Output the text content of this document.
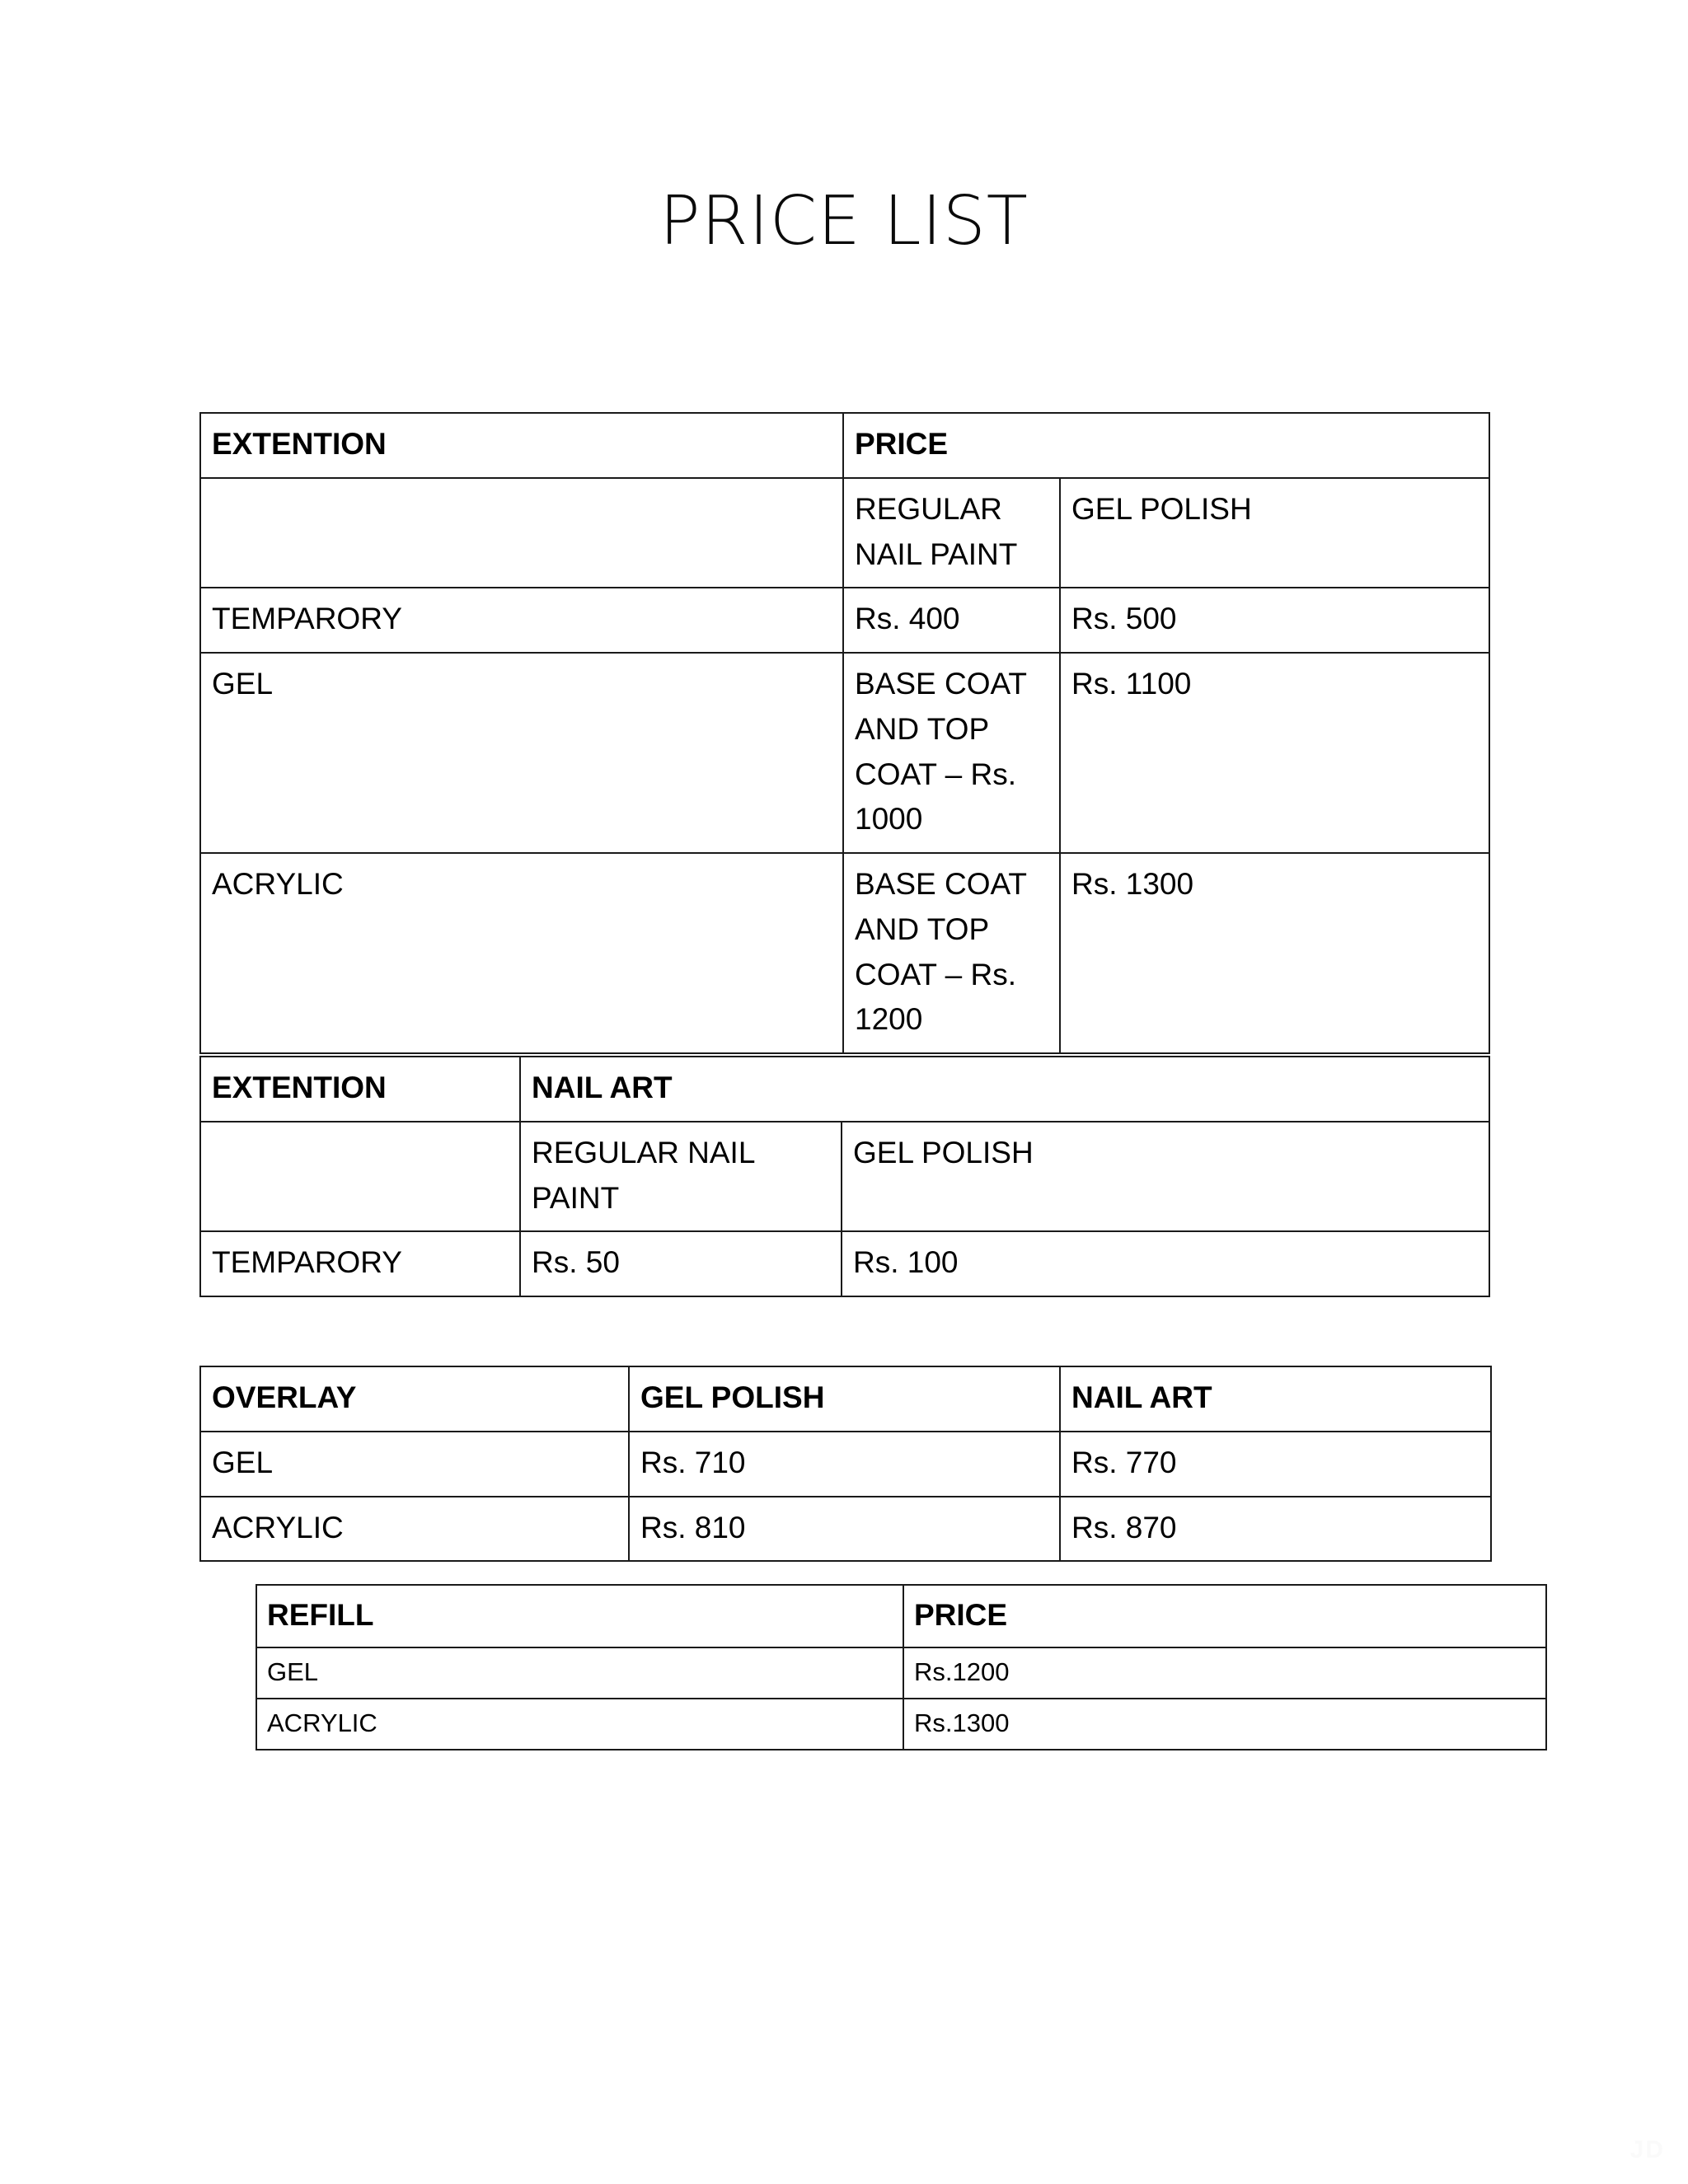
PRICE LIST
EXTENTION	PRICE	
	REGULAR NAIL PAINT	GEL POLISH
TEMPARORY	Rs. 400	Rs. 500
GEL	BASE COAT AND TOP COAT – Rs. 1000	Rs. 1100
ACRYLIC	BASE COAT AND TOP COAT – Rs. 1200	Rs. 1300
EXTENTION	NAIL ART	
	REGULAR NAIL PAINT	GEL POLISH
TEMPARORY	Rs. 50	Rs. 100
OVERLAY	GEL POLISH	NAIL ART
GEL	Rs. 710	Rs. 770
ACRYLIC	Rs. 810	Rs. 870
REFILL	PRICE
GEL	Rs.1200
ACRYLIC	Rs.1300
JD
